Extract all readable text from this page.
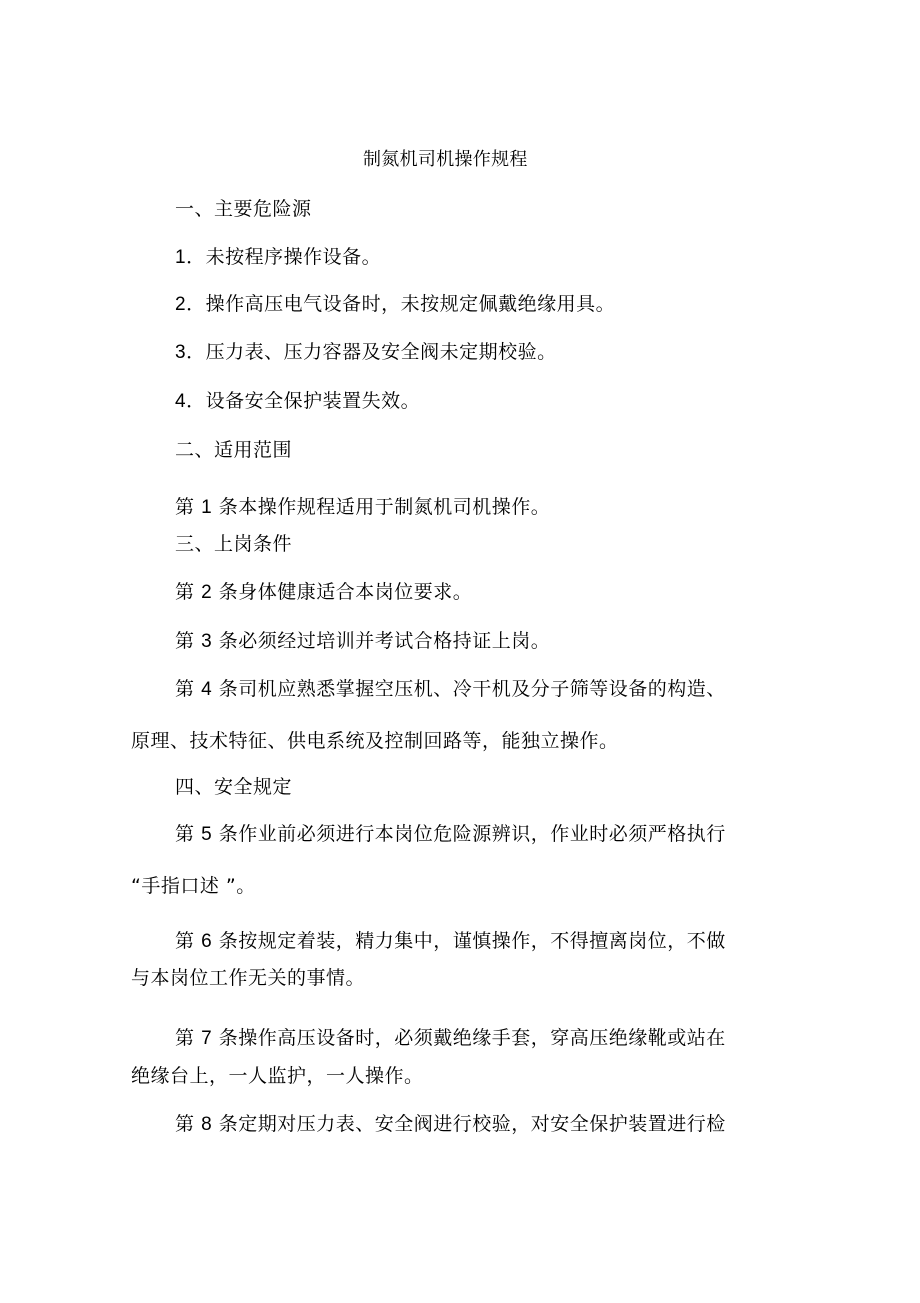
制氮机司机操作规程
一、主要危险源
1．未按程序操作设备。
2．操作高压电气设备时，未按规定佩戴绝缘用具。
3．压力表、压力容器及安全阀未定期校验。
4．设备安全保护装置失效。
二、适用范围
第 1 条本操作规程适用于制氮机司机操作。
三、上岗条件
第 2 条身体健康适合本岗位要求。
第 3 条必须经过培训并考试合格持证上岗。
第 4 条司机应熟悉掌握空压机、冷干机及分子筛等设备的构造、
原理、技术特征、供电系统及控制回路等，能独立操作。
四、安全规定
第 5 条作业前必须进行本岗位危险源辨识，作业时必须严格执行
“手指口述 ”。
第 6 条按规定着装，精力集中，谨慎操作，不得擅离岗位，不做
与本岗位工作无关的事情。
第 7 条操作高压设备时，必须戴绝缘手套，穿高压绝缘靴或站在
绝缘台上，一人监护，一人操作。
第 8 条定期对压力表、安全阀进行校验，对安全保护装置进行检
